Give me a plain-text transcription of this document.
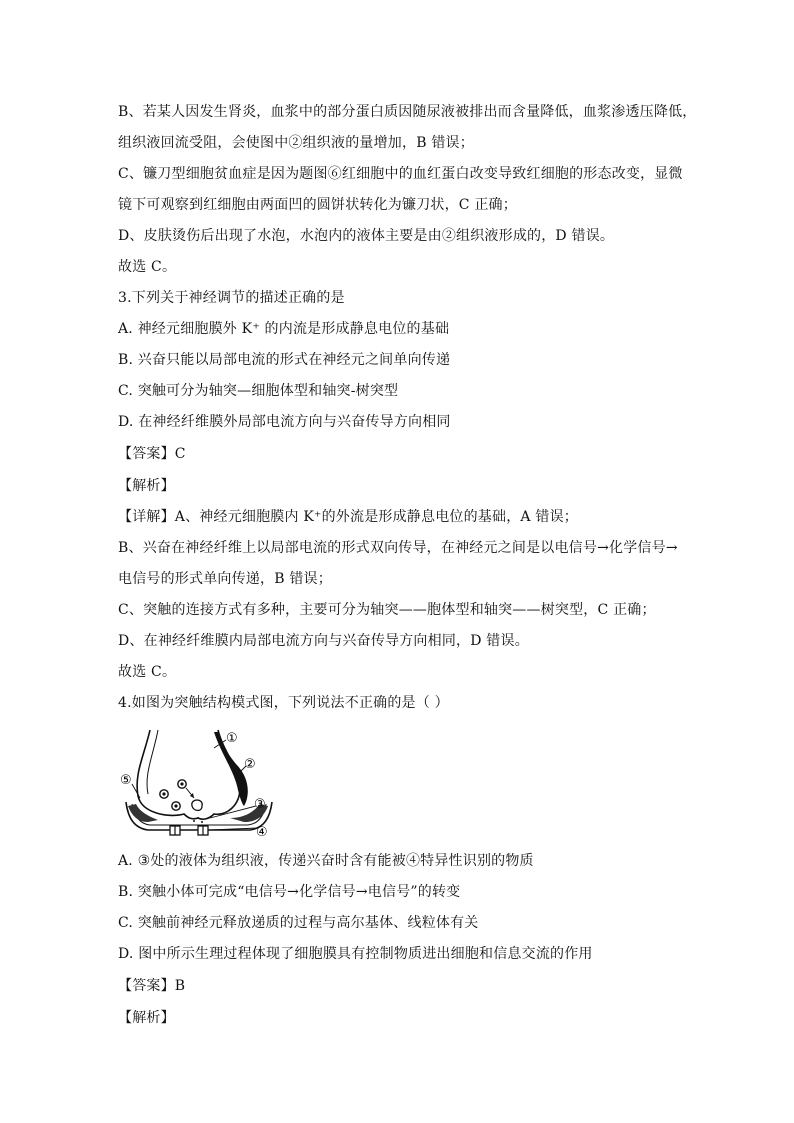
B、若某人因发生肾炎，血浆中的部分蛋白质因随尿液被排出而含量降低，血浆渗透压降低，
组织液回流受阻，会使图中②组织液的量增加，B 错误；
C、镰刀型细胞贫血症是因为题图⑥红细胞中的血红蛋白改变导致红细胞的形态改变，显微
镜下可观察到红细胞由两面凹的圆饼状转化为镰刀状，C 正确；
D、皮肤烫伤后出现了水泡，水泡内的液体主要是由②组织液形成的，D 错误。
故选 C。
3.下列关于神经调节的描述正确的是
A. 神经元细胞膜外 K⁺ 的内流是形成静息电位的基础
B. 兴奋只能以局部电流的形式在神经元之间单向传递
C. 突触可分为轴突—细胞体型和轴突-树突型
D. 在神经纤维膜外局部电流方向与兴奋传导方向相同
【答案】C
【解析】
【详解】A、神经元细胞膜内 K⁺的外流是形成静息电位的基础，A 错误；
B、兴奋在神经纤维上以局部电流的形式双向传导，在神经元之间是以电信号→化学信号→
电信号的形式单向传递，B 错误；
C、突触的连接方式有多种，主要可分为轴突——胞体型和轴突——树突型，C 正确；
D、在神经纤维膜内局部电流方向与兴奋传导方向相同，D 错误。
故选 C。
4.如图为突触结构模式图，下列说法不正确的是（ ）
①
②
③
④
⑤
A. ③处的液体为组织液，传递兴奋时含有能被④特异性识别的物质
B. 突触小体可完成“电信号→化学信号→电信号”的转变
C. 突触前神经元释放递质的过程与高尔基体、线粒体有关
D. 图中所示生理过程体现了细胞膜具有控制物质进出细胞和信息交流的作用
【答案】B
【解析】
